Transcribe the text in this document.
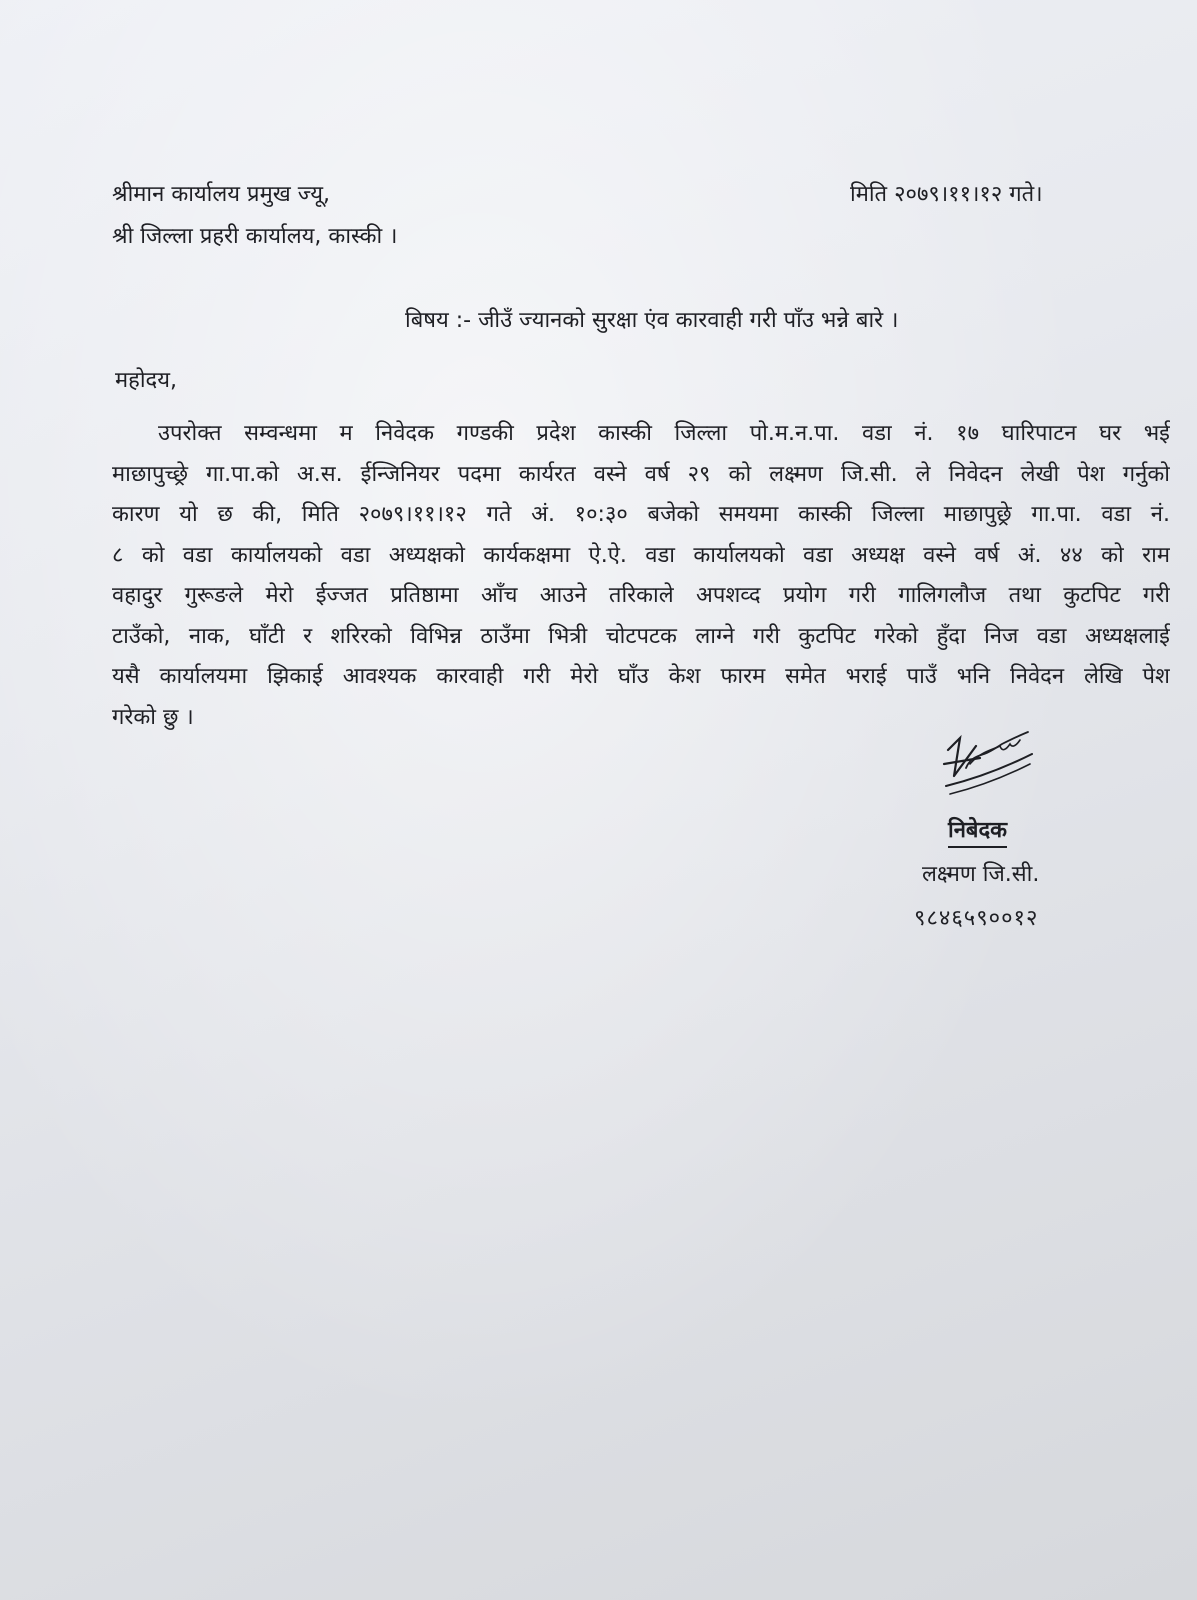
श्रीमान कार्यालय प्रमुख ज्यू,
श्री जिल्ला प्रहरी कार्यालय, कास्की ।
मिति २०७९।११।१२ गते।
बिषय :- जीउँ ज्यानको सुरक्षा एंव कारवाही गरी पाँउ भन्ने बारे ।
महोदय,
उपरोक्त सम्वन्धमा म निवेदक गण्डकी प्रदेश कास्की जिल्ला पो.म.न.पा. वडा नं. १७ घारिपाटन घर भई
माछापुच्छ्रे गा.पा.को अ.स. ईन्जिनियर पदमा कार्यरत वस्ने वर्ष २९ को लक्ष्मण जि.सी. ले निवेदन लेखी पेश गर्नुको
कारण यो छ की, मिति २०७९।११।१२ गते अं. १०:३० बजेको समयमा कास्की जिल्ला माछापुछ्रे गा.पा. वडा नं.
८ को वडा कार्यालयको वडा अध्यक्षको कार्यकक्षमा ऐ.ऐ. वडा कार्यालयको वडा अध्यक्ष वस्ने वर्ष अं. ४४ को राम
वहादुर गुरूङले मेरो ईज्जत प्रतिष्ठामा आँच आउने तरिकाले अपशव्द प्रयोग गरी गालिगलौज तथा कुटपिट गरी
टाउँको, नाक, घाँटी र शरिरको विभिन्न ठाउँमा भित्री चोटपटक लाग्ने गरी कुटपिट गरेको हुँदा निज वडा अध्यक्षलाई
यसै कार्यालयमा झिकाई आवश्यक कारवाही गरी मेरो घाँउ केश फारम समेत भराई पाउँ भनि निवेदन लेखि पेश
गरेको छु ।
निबेदक
लक्ष्मण जि.सी.
९८४६५९००१२
